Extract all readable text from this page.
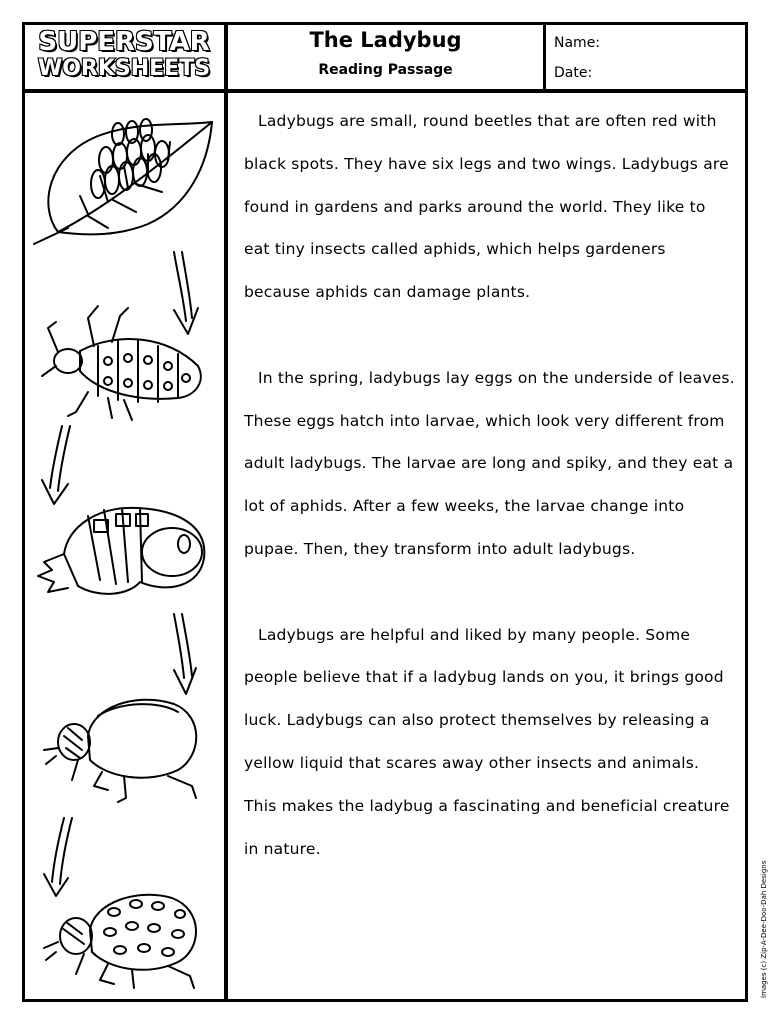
SUPERSTAR
WORKSHEETS
The Ladybug
Reading Passage
Name:
Date:

Ladybugs are small, round beetles that are often red with black spots. They have six legs and two wings. Ladybugs are found in gardens and parks around the world. They like to eat tiny insects called aphids, which helps gardeners because aphids can damage plants.

In the spring, ladybugs lay eggs on the underside of leaves. These eggs hatch into larvae, which look very different from adult ladybugs. The larvae are long and spiky, and they eat a lot of aphids. After a few weeks, the larvae change into pupae. Then, they transform into adult ladybugs.

Ladybugs are helpful and liked by many people. Some people believe that if a ladybug lands on you, it brings good luck. Ladybugs can also protect themselves by releasing a yellow liquid that scares away other insects and animals. This makes the ladybug a fascinating and beneficial creature in nature.

Images (c) Zip-A-Dee-Doo-Dah Designs
